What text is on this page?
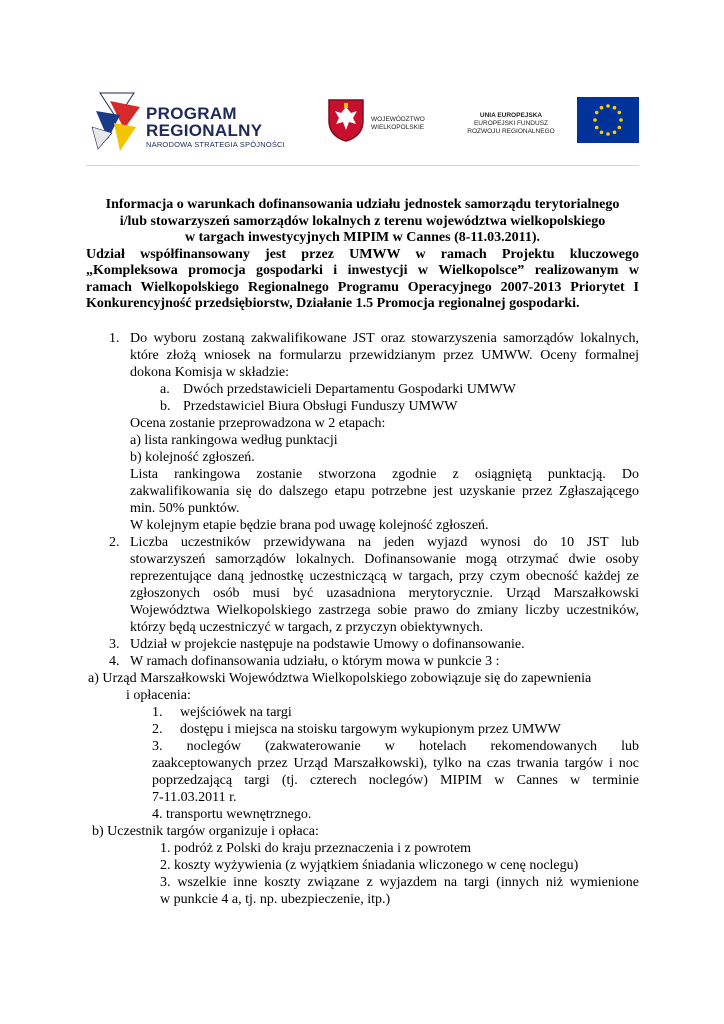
PROGRAM
REGIONALNY
NARODOWA STRATEGIA SPÓJNOŚCI
WOJEWÓDZTWO
WIELKOPOLSKIE
UNIA EUROPEJSKA
EUROPEJSKI FUNDUSZ
ROZWOJU REGIONALNEGO
Informacja o warunkach dofinansowania udziału jednostek samorządu terytorialnego
i/lub stowarzyszeń samorządów lokalnych z terenu województwa wielkopolskiego
w targach inwestycyjnych MIPIM w Cannes (8-11.03.2011).
Udział współfinansowany jest przez UMWW w ramach Projektu kluczowego
„Kompleksowa promocja gospodarki i inwestycji w Wielkopolsce” realizowanym w
ramach Wielkopolskiego Regionalnego Programu Operacyjnego 2007-2013 Priorytet I
Konkurencyjność przedsiębiorstw, Działanie 1.5 Promocja regionalnej gospodarki.
1. Do wyboru zostaną zakwalifikowane JST oraz stowarzyszenia samorządów lokalnych,
które złożą wniosek na formularzu przewidzianym przez UMWW. Oceny formalnej
dokona Komisja w składzie:
a. Dwóch przedstawicieli Departamentu Gospodarki UMWW
b. Przedstawiciel Biura Obsługi Funduszy UMWW
Ocena zostanie przeprowadzona w 2 etapach:
a) lista rankingowa według punktacji
b) kolejność zgłoszeń.
Lista rankingowa zostanie stworzona zgodnie z osiągniętą punktacją. Do
zakwalifikowania się do dalszego etapu potrzebne jest uzyskanie przez Zgłaszającego
min. 50% punktów.
W kolejnym etapie będzie brana pod uwagę kolejność zgłoszeń.
2. Liczba uczestników przewidywana na jeden wyjazd wynosi do 10 JST lub
stowarzyszeń samorządów lokalnych. Dofinansowanie mogą otrzymać dwie osoby
reprezentujące daną jednostkę uczestniczącą w targach, przy czym obecność każdej ze
zgłoszonych osób musi być uzasadniona merytorycznie. Urząd Marszałkowski
Województwa Wielkopolskiego zastrzega sobie prawo do zmiany liczby uczestników,
którzy będą uczestniczyć w targach, z przyczyn obiektywnych.
3. Udział w projekcie następuje na podstawie Umowy o dofinansowanie.
4. W ramach dofinansowania udziału, o którym mowa w punkcie 3 :
a) Urząd Marszałkowski Województwa Wielkopolskiego zobowiązuje się do zapewnienia
i opłacenia:
1. wejściówek na targi
2. dostępu i miejsca na stoisku targowym wykupionym przez UMWW
3. noclegów (zakwaterowanie w hotelach rekomendowanych lub
zaakceptowanych przez Urząd Marszałkowski), tylko na czas trwania targów i noc
poprzedzającą targi (tj. czterech noclegów) MIPIM w Cannes w terminie
7-11.03.2011 r.
4. transportu wewnętrznego.
b) Uczestnik targów organizuje i opłaca:
1. podróż z Polski do kraju przeznaczenia i z powrotem
2. koszty wyżywienia (z wyjątkiem śniadania wliczonego w cenę noclegu)
3. wszelkie inne koszty związane z wyjazdem na targi (innych niż wymienione
w punkcie 4 a, tj. np. ubezpieczenie, itp.)
